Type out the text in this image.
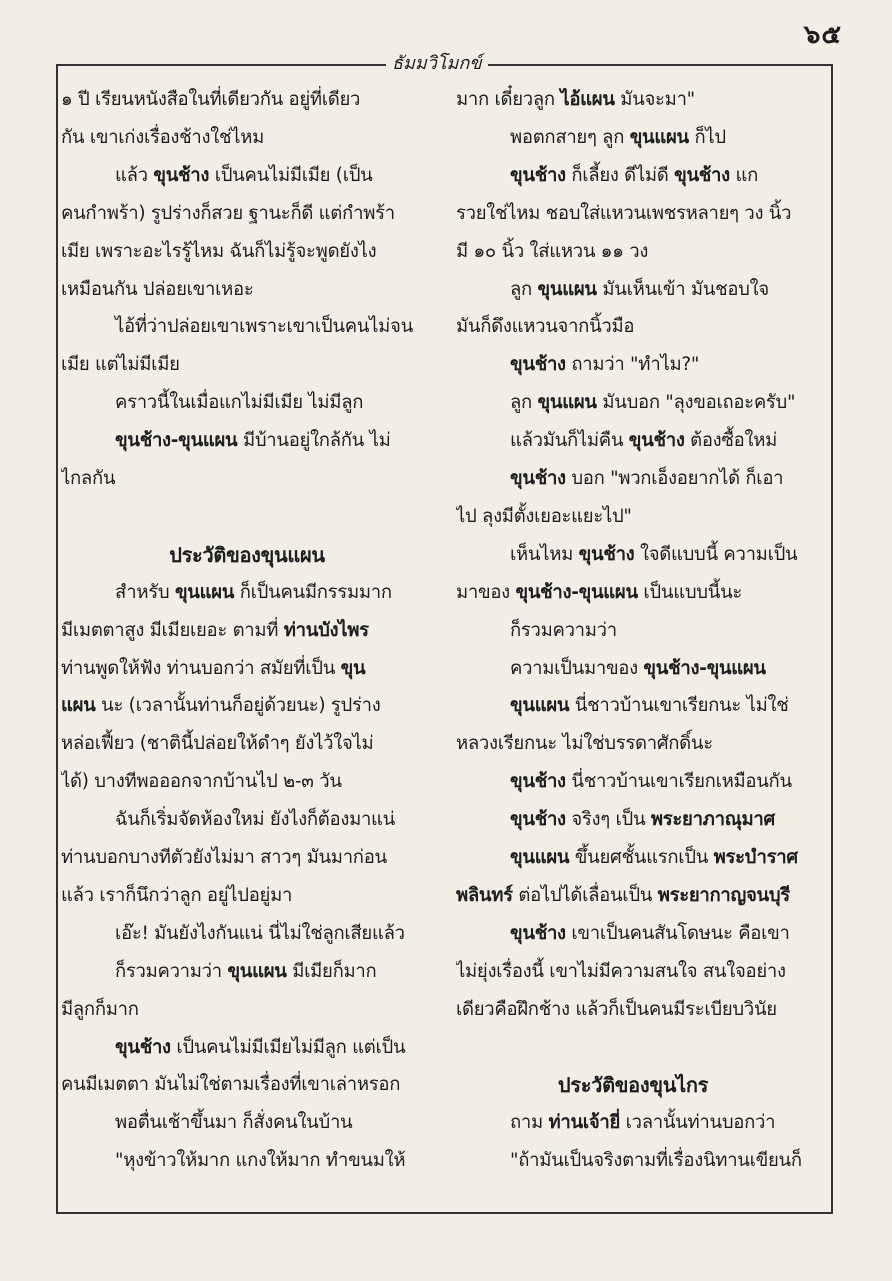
๖๕
ธัมมวิโมกข์
๑ ปี เรียนหนังสือในที่เดียวกัน อยู่ที่เดียว
กัน เขาเก่งเรื่องช้างใช่ไหม
แล้ว ขุนช้าง เป็นคนไม่มีเมีย (เป็น
คนกำพร้า) รูปร่างก็สวย ฐานะก็ดี แต่กำพร้า
เมีย เพราะอะไรรู้ไหม ฉันก็ไม่รู้จะพูดยังไง
เหมือนกัน ปล่อยเขาเหอะ
ไอ้ที่ว่าปล่อยเขาเพราะเขาเป็นคนไม่จน
เมีย แต่ไม่มีเมีย
คราวนี้ในเมื่อแกไม่มีเมีย ไม่มีลูก
ขุนช้าง-ขุนแผน มีบ้านอยู่ใกล้กัน ไม่
ไกลกัน
ประวัติของขุนแผน
สำหรับ ขุนแผน ก็เป็นคนมีกรรมมาก
มีเมตตาสูง มีเมียเยอะ ตามที่ ท่านบังไพร
ท่านพูดให้ฟัง ท่านบอกว่า สมัยที่เป็น ขุน
แผน นะ (เวลานั้นท่านก็อยู่ด้วยนะ) รูปร่าง
หล่อเฟี้ยว (ชาตินี้ปล่อยให้ดำๆ ยังไว้ใจไม่
ได้) บางทีพอออกจากบ้านไป ๒-๓ วัน
ฉันก็เริ่มจัดห้องใหม่ ยังไงก็ต้องมาแน่
ท่านบอกบางทีตัวยังไม่มา สาวๆ มันมาก่อน
แล้ว เราก็นึกว่าลูก อยู่ไปอยู่มา
เอ๊ะ! มันยังไงกันแน่ นี่ไม่ใช่ลูกเสียแล้ว
ก็รวมความว่า ขุนแผน มีเมียก็มาก
มีลูกก็มาก
ขุนช้าง เป็นคนไม่มีเมียไม่มีลูก แต่เป็น
คนมีเมตตา มันไม่ใช่ตามเรื่องที่เขาเล่าหรอก
พอตื่นเช้าขึ้นมา ก็สั่งคนในบ้าน
"หุงข้าวให้มาก แกงให้มาก ทำขนมให้
มาก เดี๋ยวลูก ไอ้แผน มันจะมา"
พอตกสายๆ ลูก ขุนแผน ก็ไป
ขุนช้าง ก็เลี้ยง ดีไม่ดี ขุนช้าง แก
รวยใช่ไหม ชอบใส่แหวนเพชรหลายๆ วง นิ้ว
มี ๑๐ นิ้ว ใส่แหวน ๑๑ วง
ลูก ขุนแผน มันเห็นเข้า มันชอบใจ
มันก็ดึงแหวนจากนิ้วมือ
ขุนช้าง ถามว่า "ทำไม?"
ลูก ขุนแผน มันบอก "ลุงขอเถอะครับ"
แล้วมันก็ไม่คืน ขุนช้าง ต้องซื้อใหม่
ขุนช้าง บอก "พวกเอ็งอยากได้ ก็เอา
ไป ลุงมีตั้งเยอะแยะไป"
เห็นไหม ขุนช้าง ใจดีแบบนี้ ความเป็น
มาของ ขุนช้าง-ขุนแผน เป็นแบบนี้นะ
ก็รวมความว่า
ความเป็นมาของ ขุนช้าง-ขุนแผน
ขุนแผน นี่ชาวบ้านเขาเรียกนะ ไม่ใช่
หลวงเรียกนะ ไม่ใช่บรรดาศักดิ์นะ
ขุนช้าง นี่ชาวบ้านเขาเรียกเหมือนกัน
ขุนช้าง จริงๆ เป็น พระยาภาณุมาศ
ขุนแผน ขึ้นยศชั้นแรกเป็น พระบำราศ
พลินทร์ ต่อไปได้เลื่อนเป็น พระยากาญจนบุรี
ขุนช้าง เขาเป็นคนสันโดษนะ คือเขา
ไม่ยุ่งเรื่องนี้ เขาไม่มีความสนใจ สนใจอย่าง
เดียวคือฝึกช้าง แล้วก็เป็นคนมีระเบียบวินัย
ประวัติของขุนไกร
ถาม ท่านเจ้ายี่ เวลานั้นท่านบอกว่า
"ถ้ามันเป็นจริงตามที่เรื่องนิทานเขียนก็
